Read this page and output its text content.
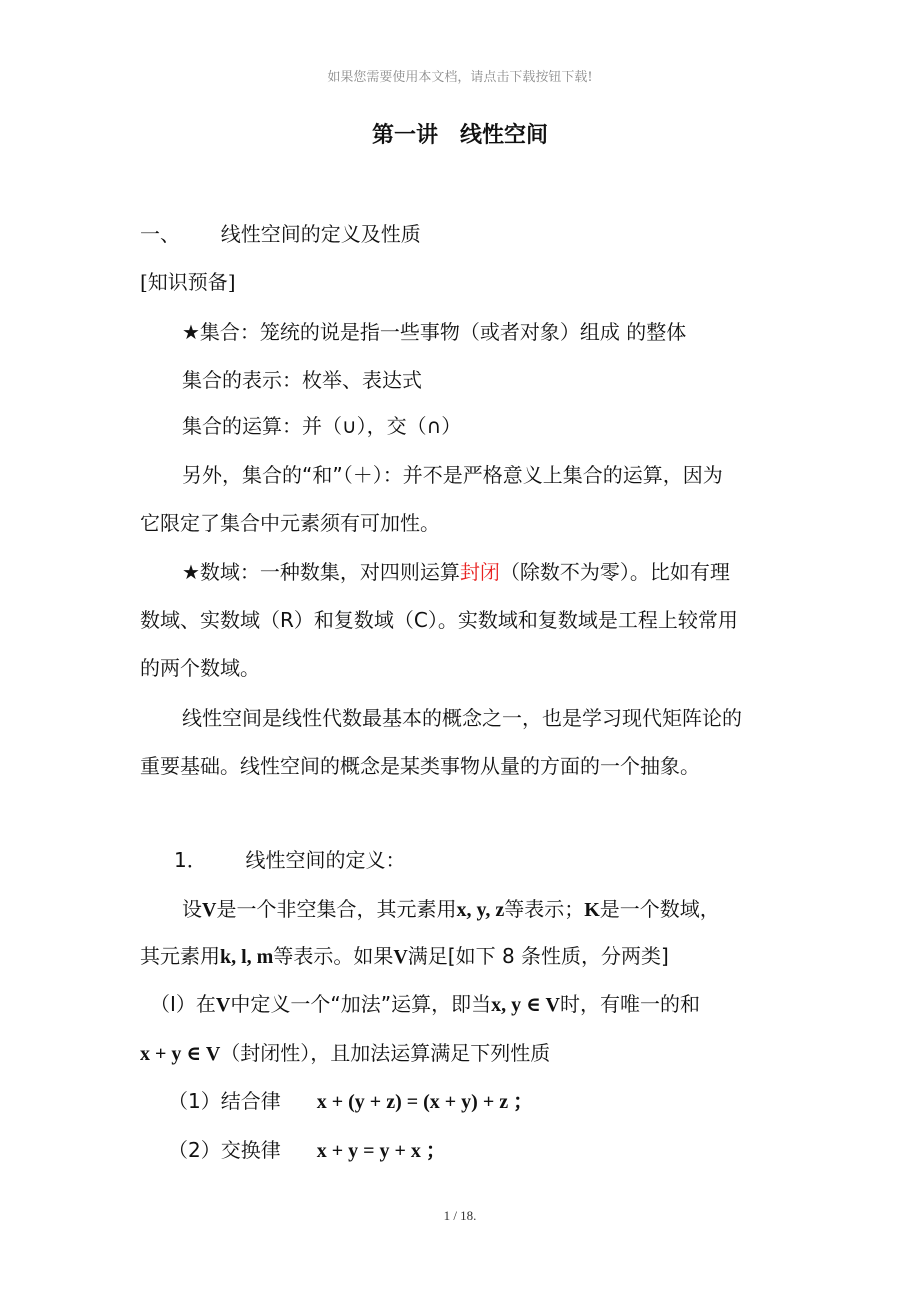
如果您需要使用本文档，请点击下载按钮下载!
第一讲　线性空间
一、 线性空间的定义及性质
[知识预备]
★集合：笼统的说是指一些事物（或者对象）组成 的整体
集合的表示：枚举、表达式
集合的运算：并（∪），交（∩）
另外，集合的“和”（＋）：并不是严格意义上集合的运算，因为
它限定了集合中元素须有可加性。
★数域：一种数集，对四则运算封闭（除数不为零）。比如有理
数域、实数域（R）和复数域（C）。实数域和复数域是工程上较常用
的两个数域。
线性空间是线性代数最基本的概念之一，也是学习现代矩阵论的
重要基础。线性空间的概念是某类事物从量的方面的一个抽象。
1． 线性空间的定义：
设V是一个非空集合，其元素用x, y, z等表示；K是一个数域，
其元素用k, l, m等表示。如果V满足[如下 8 条性质，分两类]
（I）在V中定义一个“加法”运算，即当x, y ∈ V时，有唯一的和
x + y ∈ V（封闭性），且加法运算满足下列性质
（1）结合律 x + (y + z) = (x + y) + z ；
（2）交换律 x + y = y + x ；
1 / 18.
